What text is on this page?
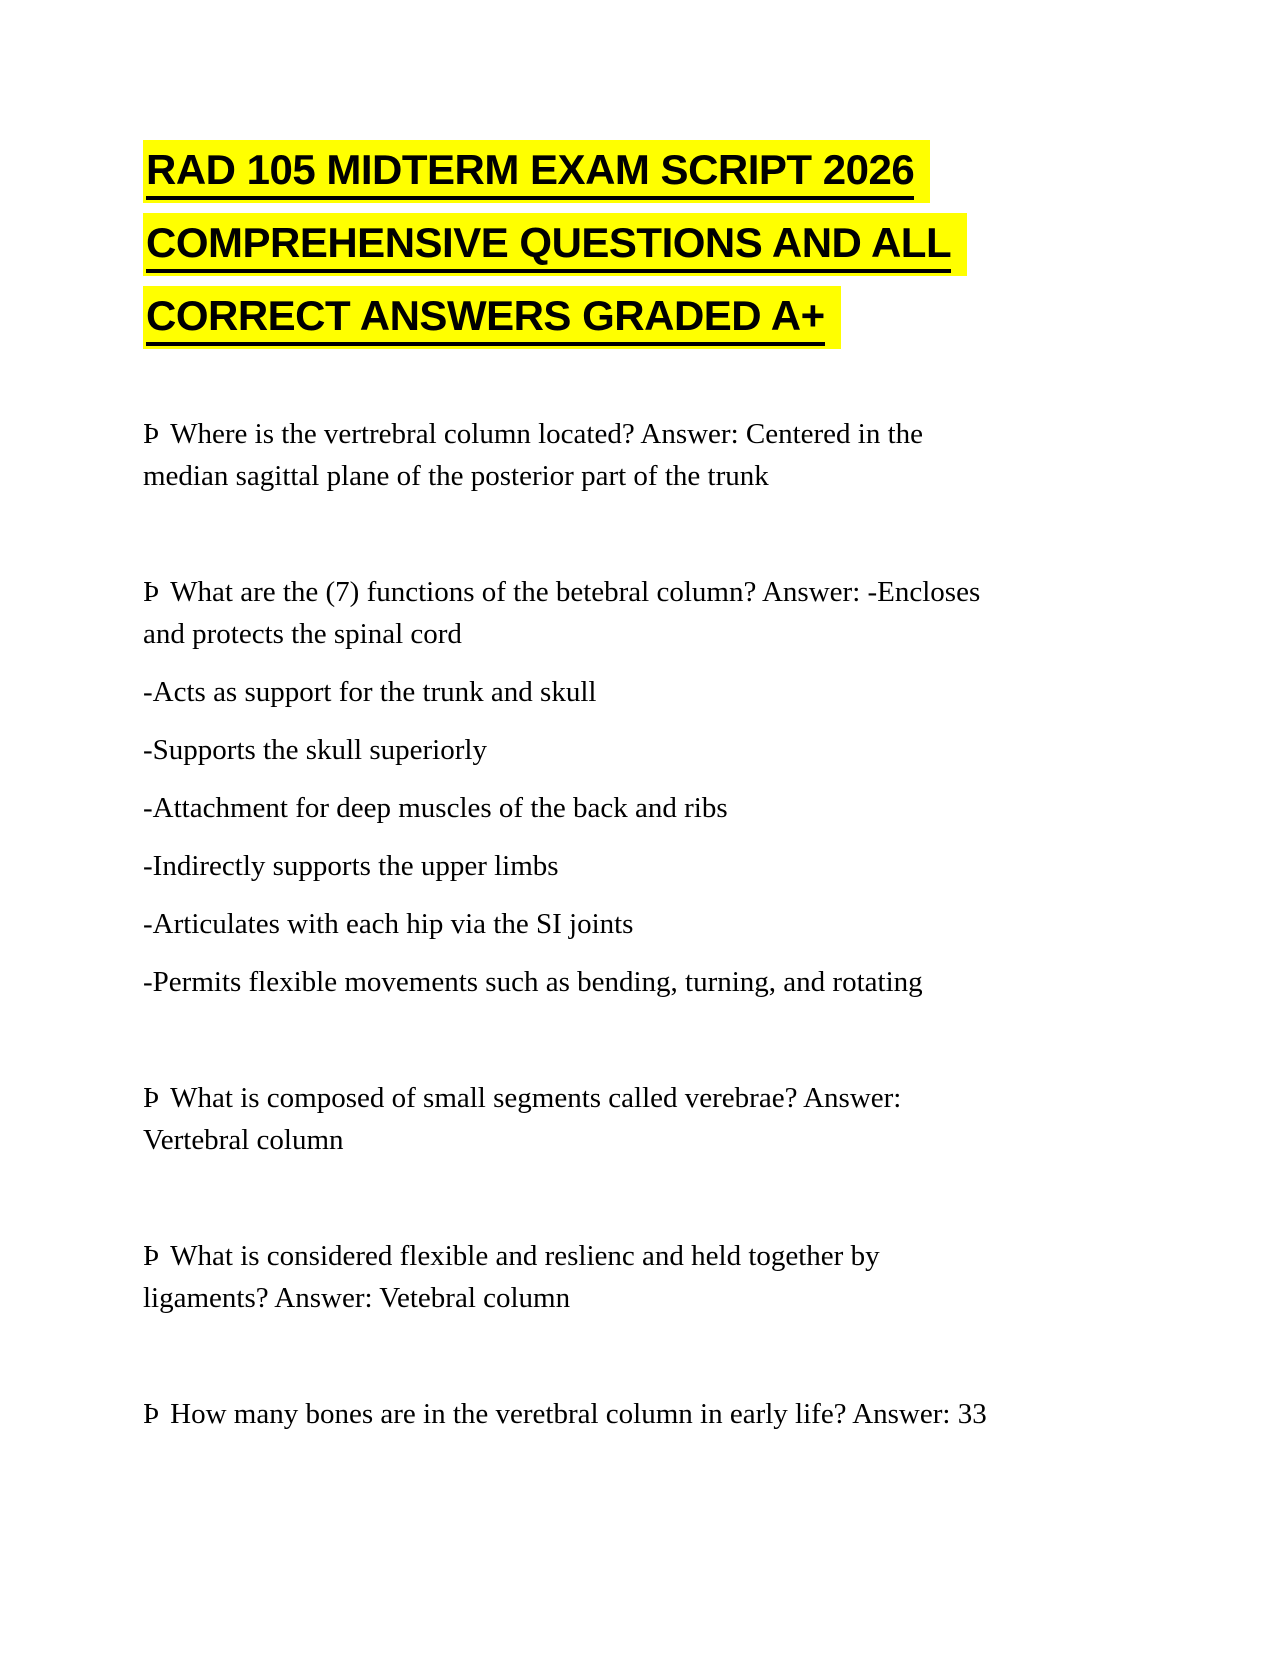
RAD 105 MIDTERM EXAM SCRIPT 2026
COMPREHENSIVE QUESTIONS AND ALL
CORRECT ANSWERS GRADED A+

Þ Where is the vertrebral column located? Answer: Centered in the
median sagittal plane of the posterior part of the trunk

Þ What are the (7) functions of the betebral column? Answer: -Encloses
and protects the spinal cord

-Acts as support for the trunk and skull

-Supports the skull superiorly

-Attachment for deep muscles of the back and ribs

-Indirectly supports the upper limbs

-Articulates with each hip via the SI joints

-Permits flexible movements such as bending, turning, and rotating

Þ What is composed of small segments called verebrae? Answer:
Vertebral column

Þ What is considered flexible and reslienc and held together by
ligaments? Answer: Vetebral column

Þ How many bones are in the veretbral column in early life? Answer: 33
